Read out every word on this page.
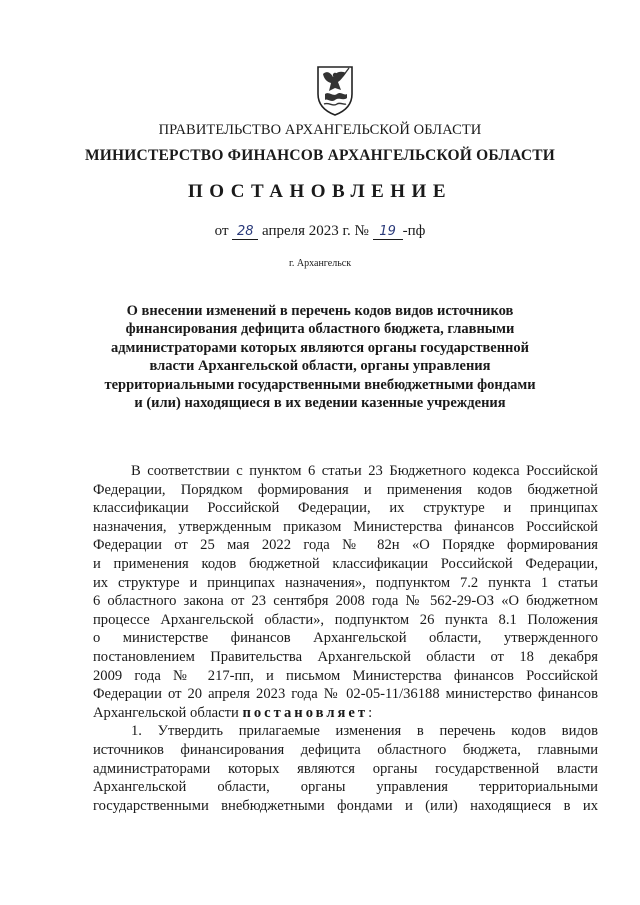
ПРАВИТЕЛЬСТВО АРХАНГЕЛЬСКОЙ ОБЛАСТИ
МИНИСТЕРСТВО ФИНАНСОВ АРХАНГЕЛЬСКОЙ ОБЛАСТИ
ПОСТАНОВЛЕНИЕ
от 28 апреля 2023 г. № 19 -пф
г. Архангельск
О внесении изменений в перечень кодов видов источников
финансирования дефицита областного бюджета, главными
администраторами которых являются органы государственной
власти Архангельской области, органы управления
территориальными государственными внебюджетными фондами
и (или) находящиеся в их ведении казенные учреждения
В соответствии с пунктом 6 статьи 23 Бюджетного кодекса Российской
Федерации, Порядком формирования и применения кодов бюджетной
классификации Российской Федерации, их структуре и принципах
назначения, утвержденным приказом Министерства финансов Российской
Федерации от 25 мая 2022 года № 82н «О Порядке формирования
и применения кодов бюджетной классификации Российской Федерации,
их структуре и принципах назначения», подпунктом 7.2 пункта 1 статьи
6 областного закона от 23 сентября 2008 года № 562-29-ОЗ «О бюджетном
процессе Архангельской области», подпунктом 26 пункта 8.1 Положения
о министерстве финансов Архангельской области, утвержденного
постановлением Правительства Архангельской области от 18 декабря
2009 года № 217-пп, и письмом Министерства финансов Российской
Федерации от 20 апреля 2023 года № 02-05-11/36188 министерство финансов
Архангельской области постановляет:
1. Утвердить прилагаемые изменения в перечень кодов видов
источников финансирования дефицита областного бюджета, главными
администраторами которых являются органы государственной власти
Архангельской области, органы управления территориальными
государственными внебюджетными фондами и (или) находящиеся в их
